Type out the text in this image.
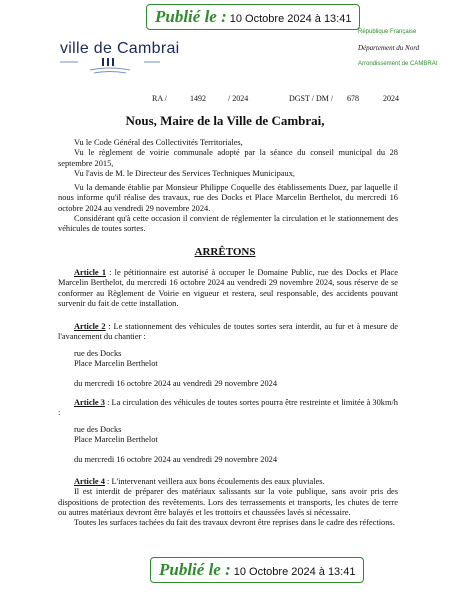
Publié le : 10 Octobre 2024 à 13:41
ville de Cambrai
République Française
Département du Nord
Arrondissement de CAMBRAI
RA /	1492	/ 2024	DGST / DM / 678	2024
Nous, Maire de la Ville de Cambrai,

Vu le Code Général des Collectivités Territoriales,

Vu le règlement de voirie communale adopté par la séance du conseil municipal du 28 septembre 2015,

Vu l'avis de M. le Directeur des Services Techniques Municipaux,

Vu la demande établie par Monsieur Philippe Coquelle des établissements Duez, par laquelle il nous informe qu'il réalise des travaux, rue des Docks et Place Marcelin Berthelot, du mercredi 16 octobre 2024 au vendredi 29 novembre 2024.

Considérant qu'à cette occasion il convient de réglementer la circulation et le stationnement des véhicules de toutes sortes.

ARRÊTONS

Article 1 : le pétitionnaire est autorisé à occuper le Domaine Public, rue des Docks et Place Marcelin Berthelot, du mercredi 16 octobre 2024 au vendredi 29 novembre 2024, sous réserve de se conformer au Règlement de Voirie en vigueur et restera, seul responsable, des accidents pouvant survenir du fait de cette installation.

Article 2 : Le stationnement des véhicules de toutes sortes sera interdit, au fur et à mesure de l'avancement du chantier :

rue des Docks

Place Marcelin Berthelot

du mercredi 16 octobre 2024 au vendredi 29 novembre 2024

Article 3 : La circulation des véhicules de toutes sortes pourra être restreinte et limitée à 30km/h :

rue des Docks

Place Marcelin Berthelot

du mercredi 16 octobre 2024 au vendredi 29 novembre 2024

Article 4 : L'intervenant veillera aux bons écoulements des eaux pluviales.

Il est interdit de préparer des matériaux salissants sur la voie publique, sans avoir pris des dispositions de protection des revêtements. Lors des terrassements et transports, les chutes de terre ou autres matériaux devront être balayés et les trottoirs et chaussées lavés si nécessaire.

Toutes les surfaces tachées du fait des travaux devront être reprises dans le cadre des réfections.

Publié le : 10 Octobre 2024 à 13:41
